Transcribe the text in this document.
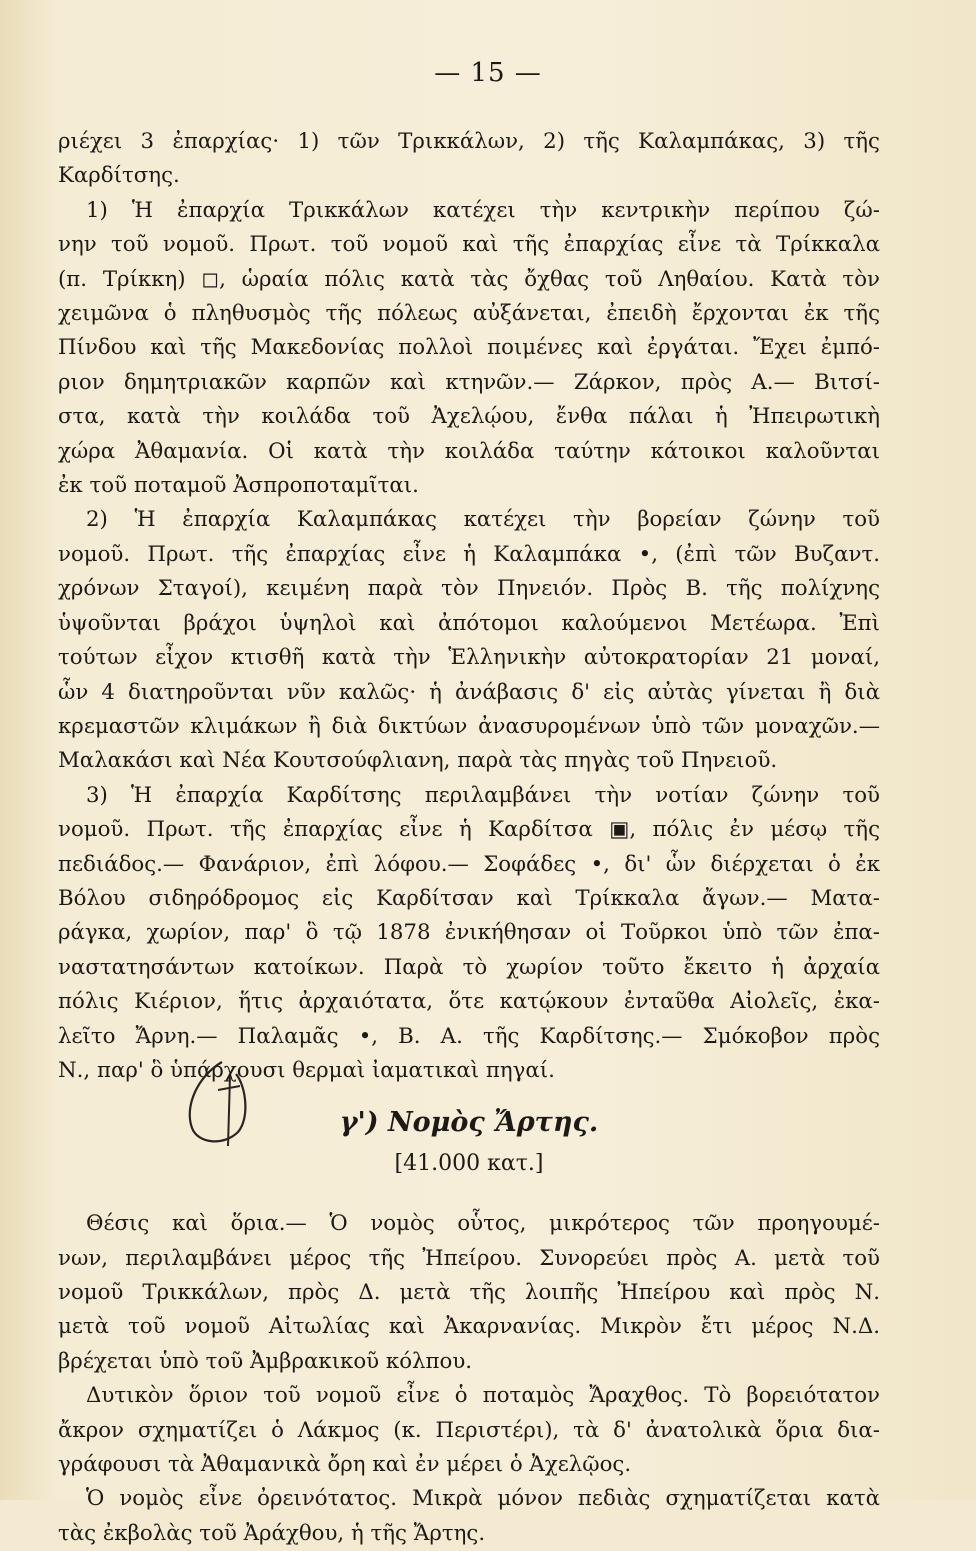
— 15 —
ριέχει 3 ἐπαρχίας· 1) τῶν Τρικκάλων, 2) τῆς Καλαμπάκας, 3) τῆς
Καρδίτσης.
1) Ἡ ἐπαρχία Τρικκάλων κατέχει τὴν κεντρικὴν περίπου ζώ-
νην τοῦ νομοῦ. Πρωτ. τοῦ νομοῦ καὶ τῆς ἐπαρχίας εἶνε τὰ Τρίκκαλα
(π. Τρίκκη) ◻, ὡραία πόλις κατὰ τὰς ὄχθας τοῦ Ληθαίου. Κατὰ τὸν
χειμῶνα ὁ πληθυσμὸς τῆς πόλεως αὐξάνεται, ἐπειδὴ ἔρχονται ἐκ τῆς
Πίνδου καὶ τῆς Μακεδονίας πολλοὶ ποιμένες καὶ ἐργάται. Ἔχει ἐμπό-
ριον δημητριακῶν καρπῶν καὶ κτηνῶν.— Ζάρκον, πρὸς Α.— Βιτσί-
στα, κατὰ τὴν κοιλάδα τοῦ Ἀχελῴου, ἔνθα πάλαι ἡ Ἠπειρωτικὴ
χώρα Ἀθαμανία. Οἱ κατὰ τὴν κοιλάδα ταύτην κάτοικοι καλοῦνται
ἐκ τοῦ ποταμοῦ Ἀσπροποταμῖται.
2) Ἡ ἐπαρχία Καλαμπάκας κατέχει τὴν βορείαν ζώνην τοῦ
νομοῦ. Πρωτ. τῆς ἐπαρχίας εἶνε ἡ Καλαμπάκα •, (ἐπὶ τῶν Βυζαντ.
χρόνων Σταγοί), κειμένη παρὰ τὸν Πηνειόν. Πρὸς Β. τῆς πολίχνης
ὑψοῦνται βράχοι ὑψηλοὶ καὶ ἀπότομοι καλούμενοι Μετέωρα. Ἐπὶ
τούτων εἶχον κτισθῆ κατὰ τὴν Ἑλληνικὴν αὐτοκρατορίαν 21 μοναί,
ὧν 4 διατηροῦνται νῦν καλῶς· ἡ ἀνάβασις δ' εἰς αὐτὰς γίνεται ἢ διὰ
κρεμαστῶν κλιμάκων ἢ διὰ δικτύων ἀνασυρομένων ὑπὸ τῶν μοναχῶν.—
Μαλακάσι καὶ Νέα Κουτσούφλιανη, παρὰ τὰς πηγὰς τοῦ Πηνειοῦ.
3) Ἡ ἐπαρχία Καρδίτσης περιλαμβάνει τὴν νοτίαν ζώνην τοῦ
νομοῦ. Πρωτ. τῆς ἐπαρχίας εἶνε ἡ Καρδίτσα ▣, πόλις ἐν μέσῳ τῆς
πεδιάδος.— Φανάριον, ἐπὶ λόφου.— Σοφάδες •, δι' ὧν διέρχεται ὁ ἐκ
Βόλου σιδηρόδρομος εἰς Καρδίτσαν καὶ Τρίκκαλα ἄγων.— Ματα-
ράγκα, χωρίον, παρ' ὃ τῷ 1878 ἐνικήθησαν οἱ Τοῦρκοι ὑπὸ τῶν ἐπα-
ναστατησάντων κατοίκων. Παρὰ τὸ χωρίον τοῦτο ἔκειτο ἡ ἀρχαία
πόλις Κιέριον, ἥτις ἀρχαιότατα, ὅτε κατῴκουν ἐνταῦθα Αἰολεῖς, ἐκα-
λεῖτο Ἄρνη.— Παλαμᾶς •, Β. Α. τῆς Καρδίτσης.— Σμόκοβον πρὸς
Ν., παρ' ὃ ὑπάρχουσι θερμαὶ ἰαματικαὶ πηγαί.
γ') Νομὸς Ἄρτης.
[41.000 κατ.]
Θέσις καὶ ὅρια.— Ὁ νομὸς οὗτος, μικρότερος τῶν προηγουμέ-
νων, περιλαμβάνει μέρος τῆς Ἠπείρου. Συνορεύει πρὸς Α. μετὰ τοῦ
νομοῦ Τρικκάλων, πρὸς Δ. μετὰ τῆς λοιπῆς Ἠπείρου καὶ πρὸς Ν.
μετὰ τοῦ νομοῦ Αἰτωλίας καὶ Ἀκαρνανίας. Μικρὸν ἔτι μέρος Ν.Δ.
βρέχεται ὑπὸ τοῦ Ἀμβρακικοῦ κόλπου.
Δυτικὸν ὅριον τοῦ νομοῦ εἶνε ὁ ποταμὸς Ἄραχθος. Τὸ βορειότατον
ἄκρον σχηματίζει ὁ Λάκμος (κ. Περιστέρι), τὰ δ' ἀνατολικὰ ὅρια δια-
γράφουσι τὰ Ἀθαμανικὰ ὄρη καὶ ἐν μέρει ὁ Ἀχελῷος.
Ὁ νομὸς εἶνε ὀρεινότατος. Μικρὰ μόνον πεδιὰς σχηματίζεται κατὰ
τὰς ἐκβολὰς τοῦ Ἀράχθου, ἡ τῆς Ἄρτης.
